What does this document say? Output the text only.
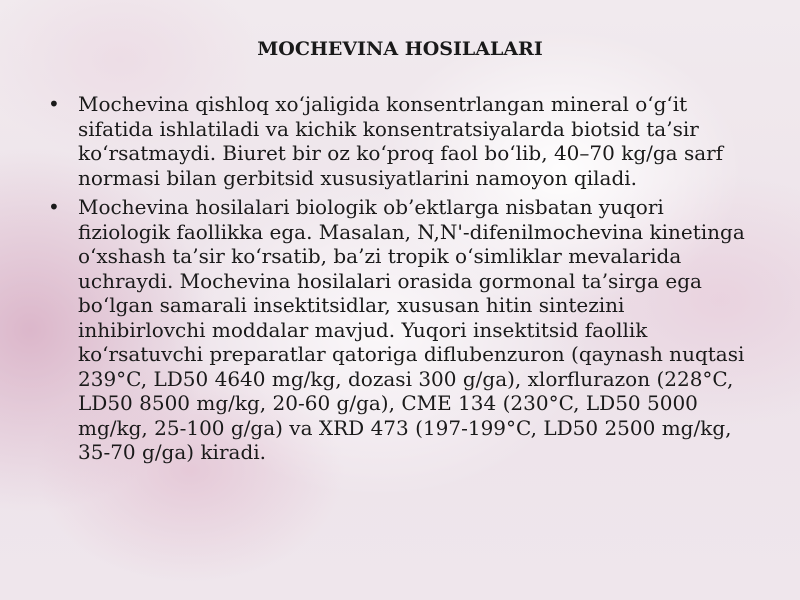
MOCHEVINA HOSILALARI
• Mochevina qishloq xo‘jaligida konsentrlangan mineral o‘g‘it sifatida ishlatiladi va kichik konsentratsiyalarda biotsid ta’sir ko‘rsatmaydi. Biuret bir oz ko‘proq faol bo‘lib, 40–70 kg/ga sarf normasi bilan gerbitsid xususiyatlarini namoyon qiladi.
• Mochevina hosilalari biologik ob’ektlarga nisbatan yuqori fiziologik faollikka ega. Masalan, N,N'-difenilmochevina kinetinga o‘xshash ta’sir ko‘rsatib, ba’zi tropik o‘simliklar mevalarida uchraydi. Mochevina hosilalari orasida gormonal ta’sirga ega bo‘lgan samarali insektitsidlar, xususan hitin sintezini inhibirlovchi moddalar mavjud. Yuqori insektitsid faollik ko‘rsatuvchi preparatlar qatoriga diflubenzuron (qaynash nuqtasi 239°C, LD50 4640 mg/kg, dozasi 300 g/ga), xlorflurazon (228°C, LD50 8500 mg/kg, 20-60 g/ga), CME 134 (230°C, LD50 5000 mg/kg, 25-100 g/ga) va XRD 473 (197-199°C, LD50 2500 mg/kg, 35-70 g/ga) kiradi.
